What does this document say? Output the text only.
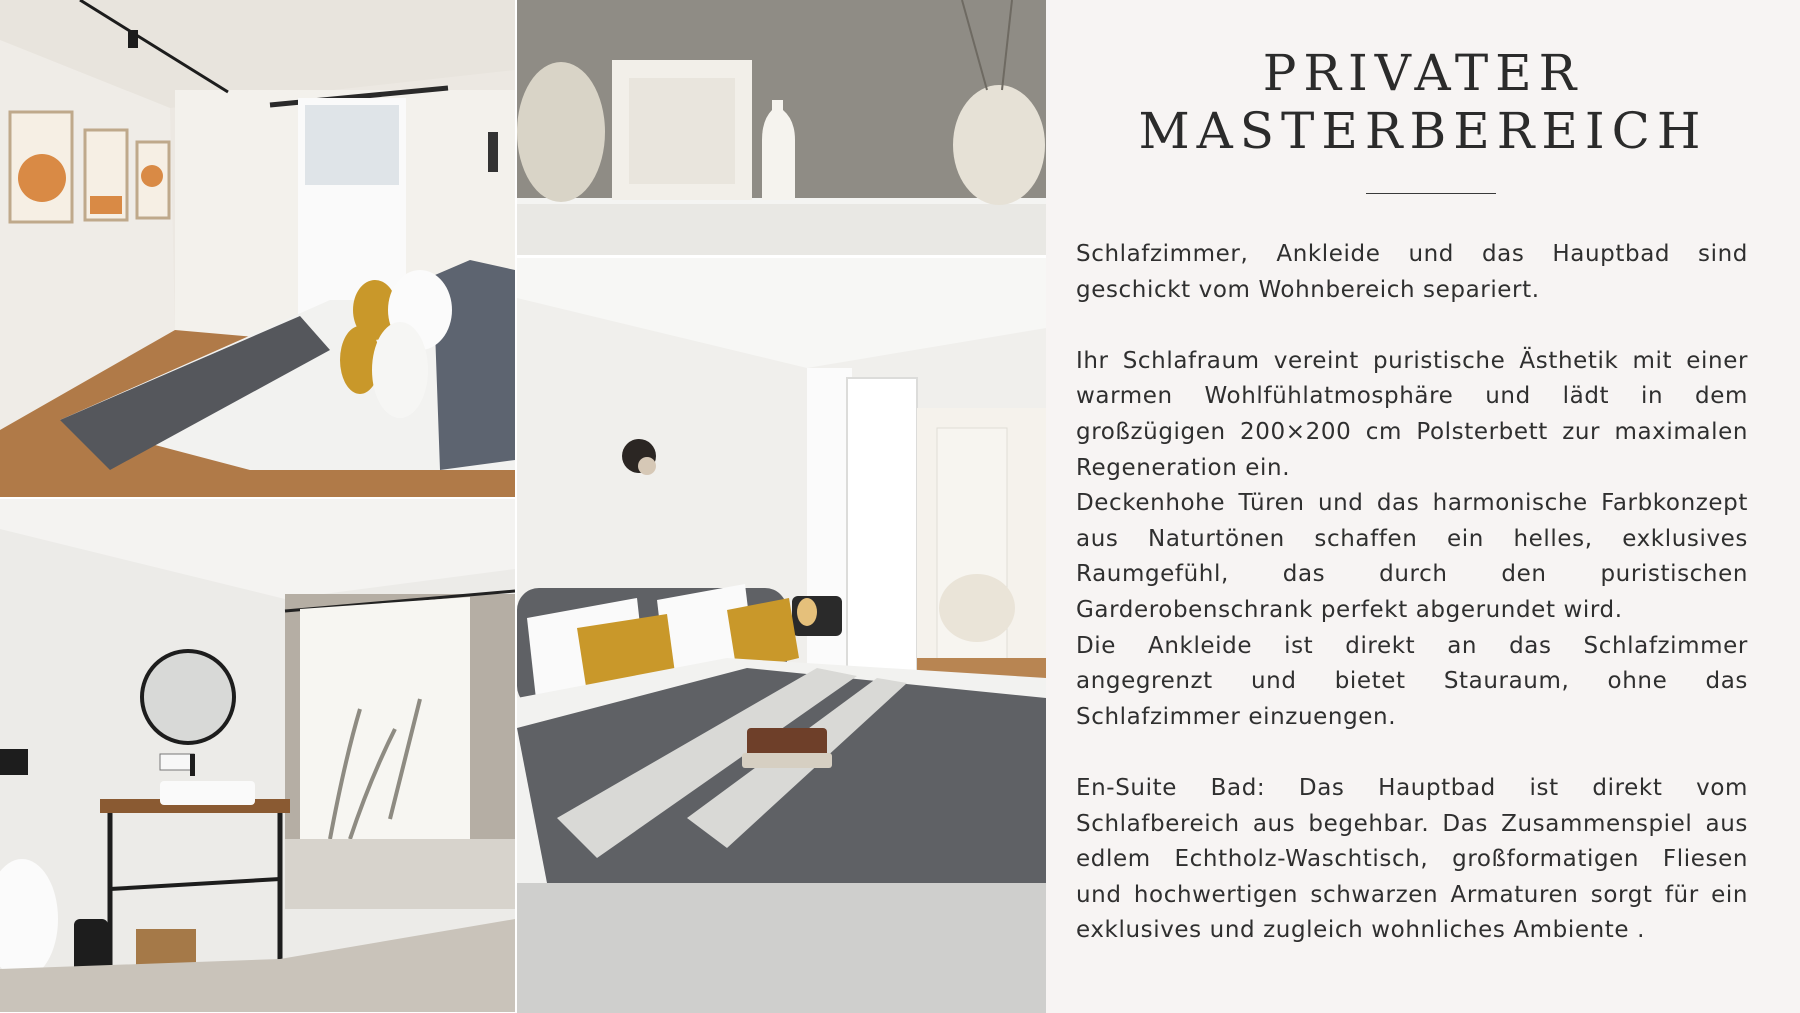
PRIVATER
MASTERBEREICH

Schlafzimmer, Ankleide und das Hauptbad sind geschickt vom Wohnbereich separiert.

Ihr Schlafraum vereint puristische Ästhetik mit einer warmen Wohlfühlatmosphäre und lädt in dem großzügigen 200×200 cm Polsterbett zur maximalen Regeneration ein.

Deckenhohe Türen und das harmonische Farbkonzept aus Naturtönen schaffen ein helles, exklusives Raumgefühl, das durch den puristischen Garderobenschrank perfekt abgerundet wird.

Die Ankleide ist direkt an das Schlafzimmer angegrenzt und bietet Stauraum, ohne das Schlafzimmer einzuengen.

En-Suite Bad: Das Hauptbad ist direkt vom Schlafbereich aus begehbar. Das Zusammenspiel aus edlem Echtholz-Waschtisch, großformatigen Fliesen und hochwertigen schwarzen Armaturen sorgt für ein exklusives und zugleich wohnliches Ambiente .
